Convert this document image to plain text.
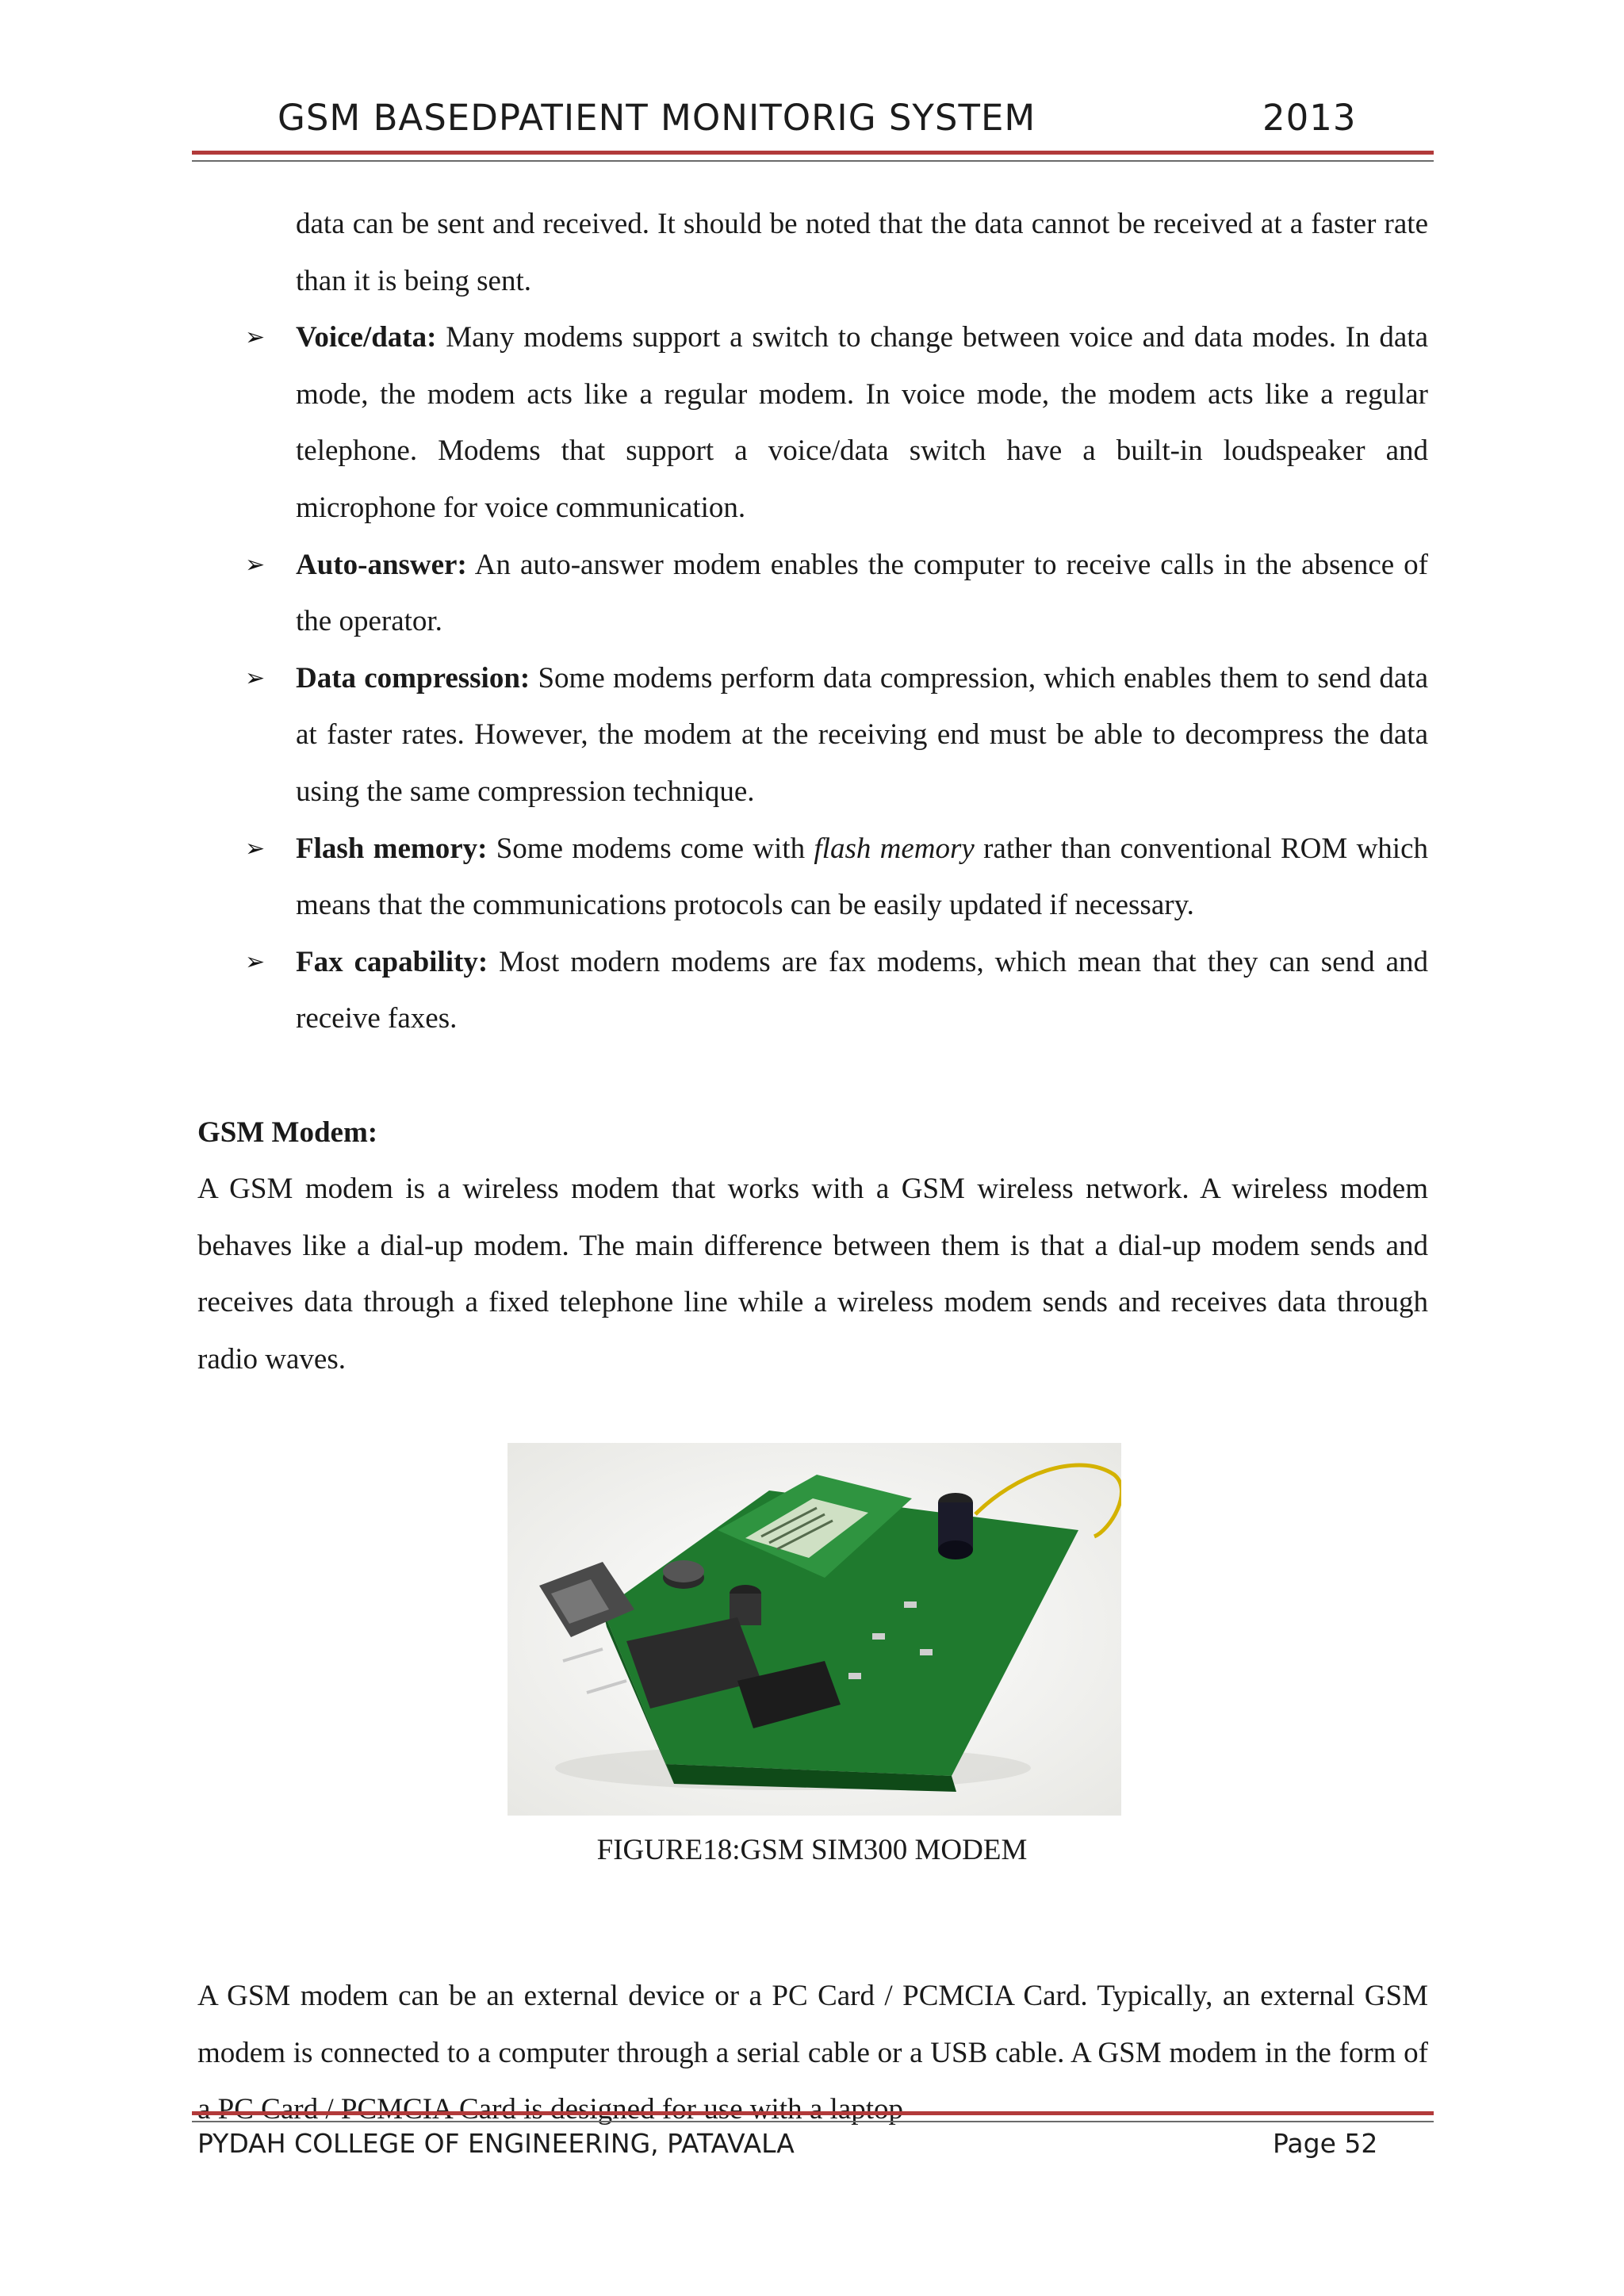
GSM BASEDPATIENT MONITORIG SYSTEM	2013

data can be sent and received. It should be noted that the data cannot be received at a faster rate than it is being sent.

➢ Voice/data: Many modems support a switch to change between voice and data modes. In data mode, the modem acts like a regular modem. In voice mode, the modem acts like a regular telephone. Modems that support a voice/data switch have a built-in loudspeaker and microphone for voice communication.
➢ Auto-answer: An auto-answer modem enables the computer to receive calls in the absence of the operator.
➢ Data compression: Some modems perform data compression, which enables them to send data at faster rates. However, the modem at the receiving end must be able to decompress the data using the same compression technique.
➢ Flash memory: Some modems come with flash memory rather than conventional ROM which means that the communications protocols can be easily updated if necessary.
➢ Fax capability: Most modern modems are fax modems, which mean that they can send and receive faxes.

GSM Modem:

A GSM modem is a wireless modem that works with a GSM wireless network. A wireless modem behaves like a dial-up modem. The main difference between them is that a dial-up modem sends and receives data through a fixed telephone line while a wireless modem sends and receives data through radio waves.

FIGURE18:GSM SIM300 MODEM

A GSM modem can be an external device or a PC Card / PCMCIA Card. Typically, an external GSM modem is connected to a computer through a serial cable or a USB cable. A GSM modem in the form of a PC Card / PCMCIA Card is designed for use with a laptop

PYDAH COLLEGE OF ENGINEERING, PATAVALA	Page 52
